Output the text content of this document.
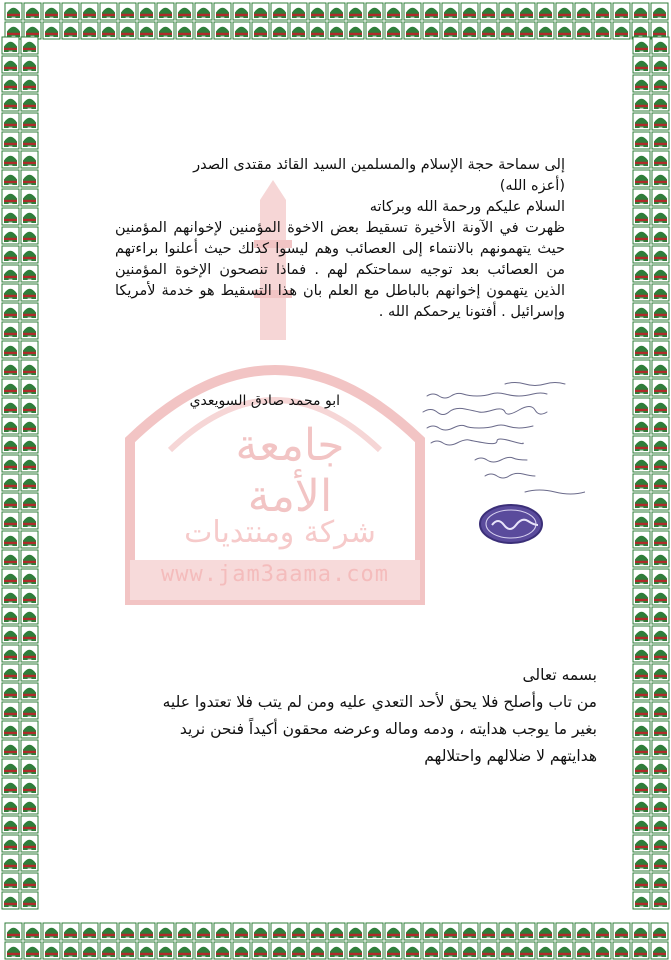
جامعة الأمة
شركة ومنتديات
www.jam3aama.com

إلى سماحة حجة الإسلام والمسلمين السيد القائد مقتدى الصدر

(أعزه الله)

السلام عليكم ورحمة الله وبركاته

ظهرت في الآونة الأخيرة تسقيط بعض الاخوة المؤمنين لإخوانهم المؤمنين حيث يتهمونهم بالانتماء إلى العصائب وهم ليسوا كذلك حيث أعلنوا براءتهم من العصائب بعد توجيه سماحتكم لهم . فماذا تنصحون الإخوة المؤمنين الذين يتهمون إخوانهم بالباطل مع العلم بان هذا التسقيط هو خدمة لأمريكا وإسرائيل . أفتونا يرحمكم الله .

ابو محمد صادق السويعدي

بسمه تعالى

من تاب وأصلح فلا يحق لأحد التعدي عليه ومن لم يتب فلا تعتدوا عليه

بغير ما يوجب هدايته ، ودمه وماله وعرضه محقون أكيداً فنحن نريد

هدايتهم لا ضلالهم واحتلالهم
